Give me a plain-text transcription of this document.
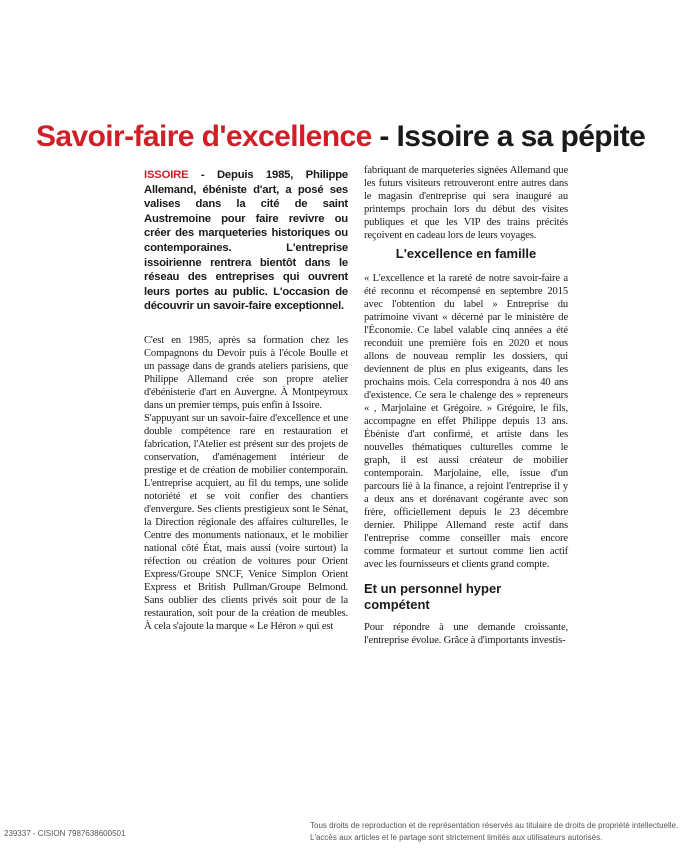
Savoir-faire d'excellence - Issoire a sa pépite

ISSOIRE - Depuis 1985, Philippe Allemand, ébéniste d'art, a posé ses valises dans la cité de saint Austremoine pour faire revivre ou créer des marqueteries historiques ou contemporaines. L'entreprise issoirienne rentrera bientôt dans le réseau des entreprises qui ouvrent leurs portes au public. L'occasion de découvrir un savoir-faire exceptionnel.

C'est en 1985, après sa formation chez les Compagnons du Devoir puis à l'école Boulle et un passage dans de grands ateliers parisiens, que Philippe Allemand crée son propre atelier d'ébénisterie d'art en Auvergne. À Montpeyroux dans un premier temps, puis enfin à Issoire.

S'appuyant sur un savoir-faire d'excellence et une double compétence rare en restauration et fabrication, l'Atelier est présent sur des projets de conservation, d'aménagement intérieur de prestige et de création de mobilier contemporain. L'entreprise acquiert, au fil du temps, une solide notoriété et se voit confier des chantiers d'envergure. Ses clients prestigieux sont le Sénat, la Direction régionale des affaires culturelles, le Centre des monuments nationaux, et le mobilier national côté État, mais aussi (voire surtout) la réfection ou création de voitures pour Orient Express/Groupe SNCF, Venice Simplon Orient Express et British Pullman/Groupe Belmond. Sans oublier des clients privés soit pour de la restauration, soit pour de la création de meubles. À cela s'ajoute la marque « Le Héron » qui est

fabriquant de marqueteries signées Allemand que les futurs visiteurs retrouveront entre autres dans le magasin d'entreprise qui sera inauguré au printemps prochain lors du début des visites publiques et que les VIP des trains précités reçoivent en cadeau lors de leurs voyages.

L'excellence en famille

« L'excellence et la rareté de notre savoir-faire a été reconnu et récompensé en septembre 2015 avec l'obtention du label » Entreprise du patrimoine vivant « décerné par le ministère de l'Économie. Ce label valable cinq années a été reconduit une première fois en 2020 et nous allons de nouveau remplir les dossiers, qui deviennent de plus en plus exigeants, dans les prochains mois. Cela correspondra à nos 40 ans d'existence. Ce sera le chalenge des » repreneurs « , Marjolaine et Grégoire. » Grégoire, le fils, accompagne en effet Philippe depuis 13 ans. Ébéniste d'art confirmé, et artiste dans les nouvelles thématiques culturelles comme le graph, il est aussi créateur de mobilier contemporain. Marjolaine, elle, issue d'un parcours lié à la finance, a rejoint l'entreprise il y a deux ans et dorénavant cogérante avec son frère, officiellement depuis le 23 décembre dernier. Philippe Allemand reste actif dans l'entreprise comme conseiller mais encore comme formateur et surtout comme lien actif avec les fournisseurs et clients grand compte.

Et un personnel hyper compétent

Pour répondre à une demande croissante, l'entreprise évolue. Grâce à d'importants investis-

239337 - CISION 7987638600501
Tous droits de reproduction et de représentation réservés au titulaire de droits de propriété intellectuelle.
L'accès aux articles et le partage sont strictement limités aux utilisateurs autorisés.
